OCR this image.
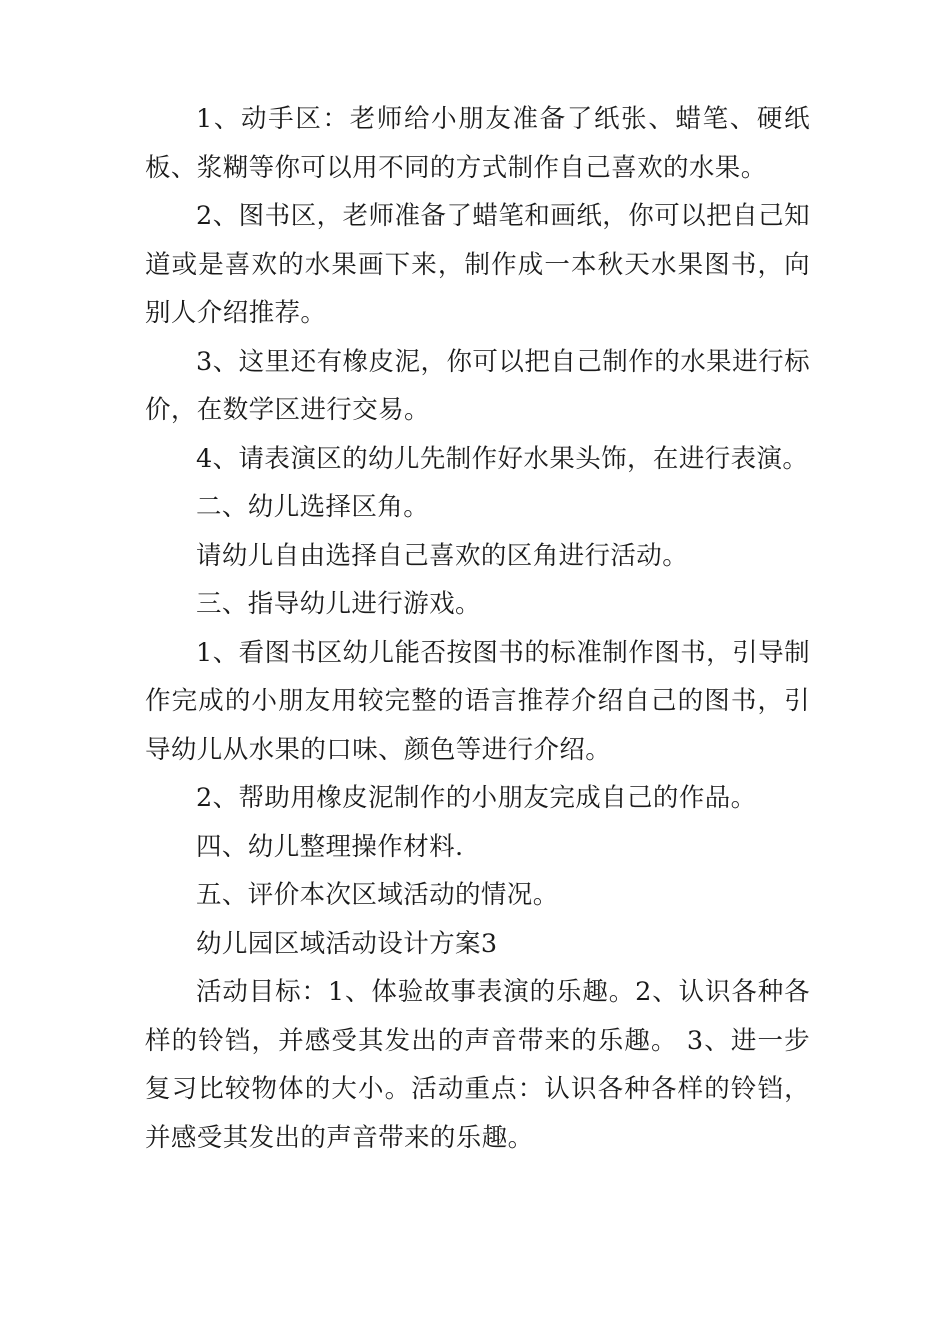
1、动手区：老师给小朋友准备了纸张、蜡笔、硬纸板、浆糊等你可以用不同的方式制作自己喜欢的水果。

2、图书区，老师准备了蜡笔和画纸，你可以把自己知道或是喜欢的水果画下来，制作成一本秋天水果图书，向别人介绍推荐。

3、这里还有橡皮泥，你可以把自己制作的水果进行标价，在数学区进行交易。

4、请表演区的幼儿先制作好水果头饰，在进行表演。

二、幼儿选择区角。

请幼儿自由选择自己喜欢的区角进行活动。

三、指导幼儿进行游戏。

1、看图书区幼儿能否按图书的标准制作图书，引导制作完成的小朋友用较完整的语言推荐介绍自己的图书，引导幼儿从水果的口味、颜色等进行介绍。

2、帮助用橡皮泥制作的小朋友完成自己的作品。

四、幼儿整理操作材料.

五、评价本次区域活动的情况。

幼儿园区域活动设计方案3

活动目标：1、体验故事表演的乐趣。2、认识各种各样的铃铛，并感受其发出的声音带来的乐趣。 3、进一步复习比较物体的大小。活动重点：认识各种各样的铃铛，并感受其发出的声音带来的乐趣。
